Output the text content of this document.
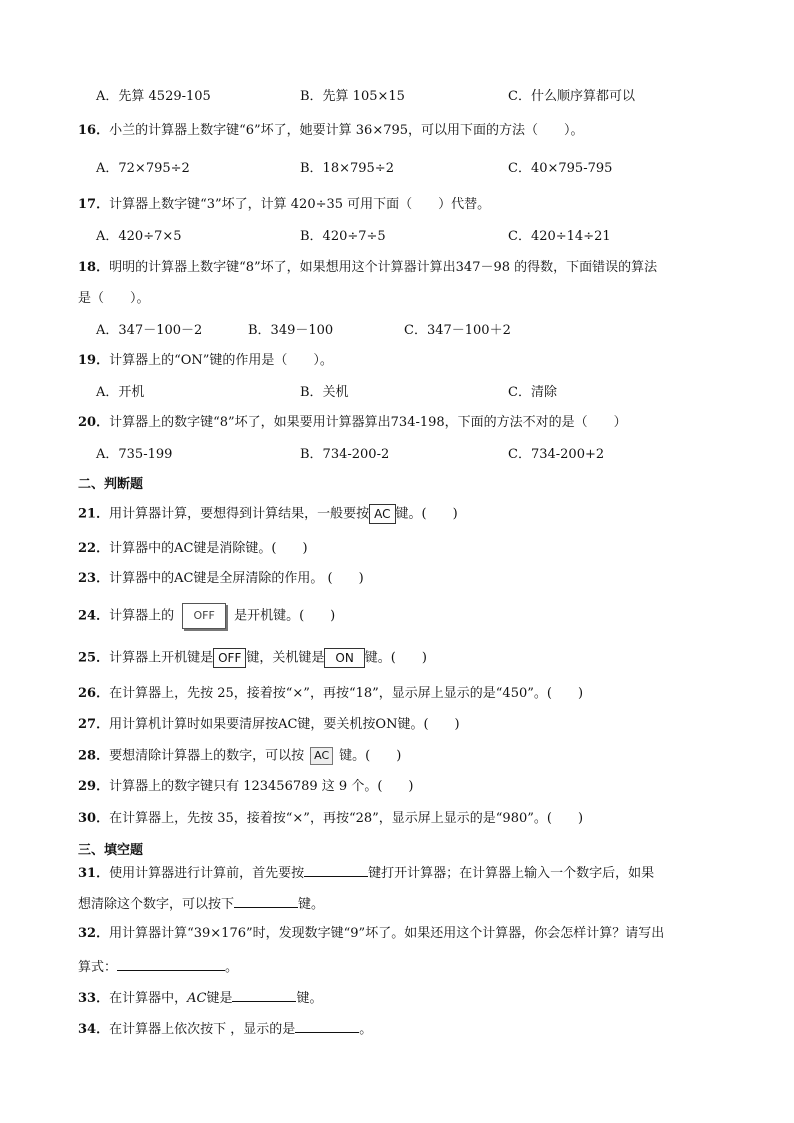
A．先算 4529-105	B．先算 105×15	C．什么顺序算都可以
16．小兰的计算器上数字键“6”坏了，她要计算 36×795，可以用下面的方法（　　）。
A．72×795÷2	B．18×795÷2	C．40×795-795
17．计算器上数字键“3”坏了，计算 420÷35 可用下面（　　）代替。
A．420÷7×5	B．420÷7÷5	C．420÷14÷21
18．明明的计算器上数字键“8”坏了，如果想用这个计算器计算出347－98 的得数，下面错误的算法
是（　　）。
A．347－100－2	B．349－100	C．347－100＋2
19．计算器上的“ON”键的作用是（　　）。
A．开机	B．关机	C．清除
20．计算器上的数字键“8”坏了，如果要用计算器算出734-198，下面的方法不对的是（　　）
A．735-199	B．734-200-2	C．734-200+2
二、判断题
21．用计算器计算，要想得到计算结果，一般要按 AC 键。(　　)
22．计算器中的AC键是消除键。(　　)
23．计算器中的AC键是全屏清除的作用。 (　　)
24．计算器上的 OFF 是开机键。(　　)
25．计算器上开机键是 OFF 键，关机键是 ON 键。(　　)
26．在计算器上，先按 25，接着按“×”，再按“18”，显示屏上显示的是“450”。(　　)
27．用计算机计算时如果要清屏按AC键，要关机按ON键。(　　)
28．要想清除计算器上的数字，可以按 AC 键。(　　)
29．计算器上的数字键只有 123456789 这 9 个。(　　)
30．在计算器上，先按 35，接着按“×”，再按“28”，显示屏上显示的是“980”。(　　)
三、填空题
31．使用计算器进行计算前，首先要按	键打开计算器；在计算器上输入一个数字后，如果
想清除这个数字，可以按下	键。
32．用计算器计算“39×176”时，发现数字键“9”坏了。如果还用这个计算器，你会怎样计算？请写出
算式：	。
33．在计算器中，AC键是	键。
34．在计算器上依次按下 ，显示的是	。
